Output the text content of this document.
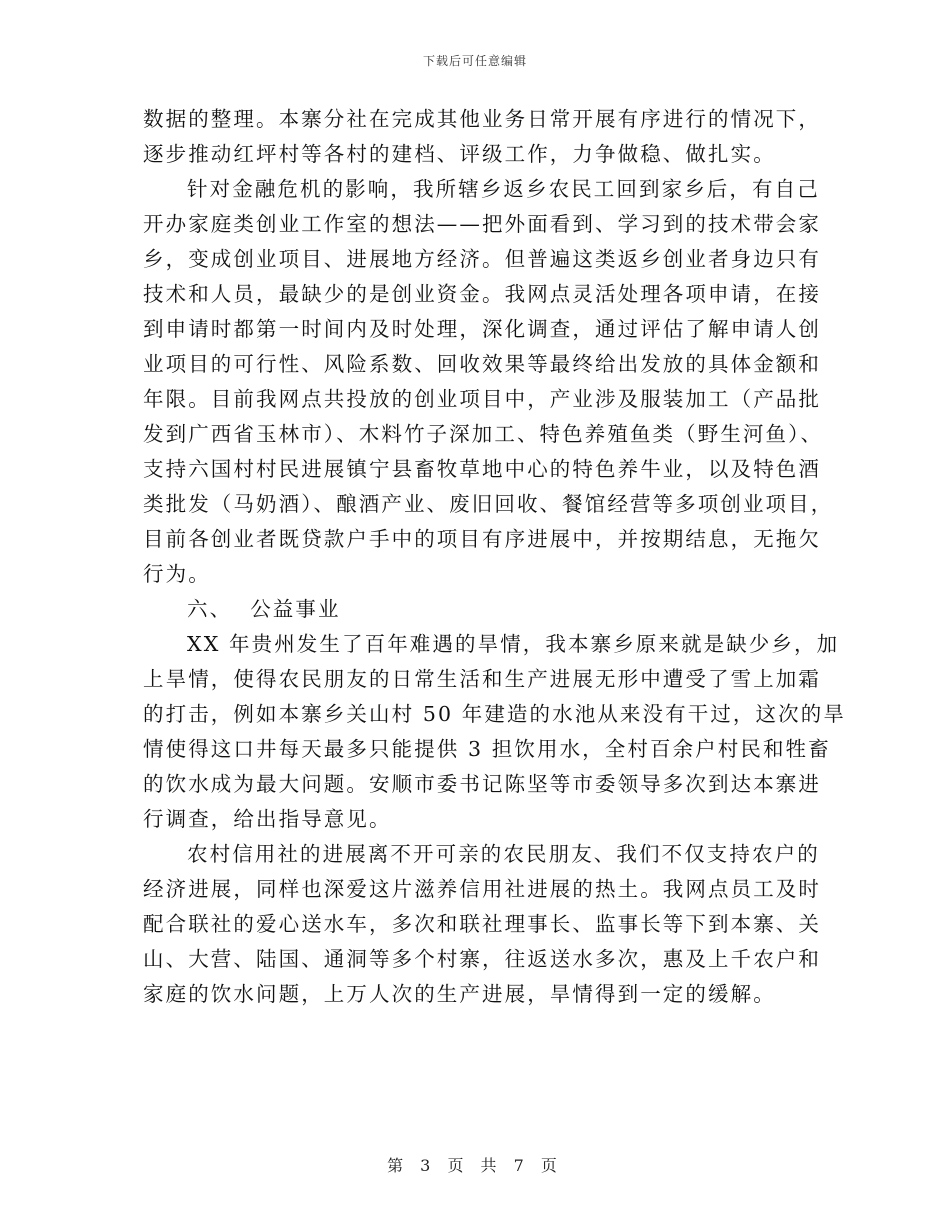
下载后可任意编辑
数据的整理。本寨分社在完成其他业务日常开展有序进行的情况下，
逐步推动红坪村等各村的建档、评级工作，力争做稳、做扎实。
针对金融危机的影响，我所辖乡返乡农民工回到家乡后，有自己
开办家庭类创业工作室的想法——把外面看到、学习到的技术带会家
乡，变成创业项目、进展地方经济。但普遍这类返乡创业者身边只有
技术和人员，最缺少的是创业资金。我网点灵活处理各项申请，在接
到申请时都第一时间内及时处理，深化调查，通过评估了解申请人创
业项目的可行性、风险系数、回收效果等最终给出发放的具体金额和
年限。目前我网点共投放的创业项目中，产业涉及服装加工（产品批
发到广西省玉林市）、木料竹子深加工、特色养殖鱼类（野生河鱼）、
支持六国村村民进展镇宁县畜牧草地中心的特色养牛业，以及特色酒
类批发（马奶酒）、酿酒产业、废旧回收、餐馆经营等多项创业项目，
目前各创业者既贷款户手中的项目有序进展中，并按期结息，无拖欠
行为。
六、 公益事业
XX 年贵州发生了百年难遇的旱情，我本寨乡原来就是缺少乡，加
上旱情，使得农民朋友的日常生活和生产进展无形中遭受了雪上加霜
的打击，例如本寨乡关山村 50 年建造的水池从来没有干过，这次的旱
情使得这口井每天最多只能提供 3 担饮用水，全村百余户村民和牲畜
的饮水成为最大问题。安顺市委书记陈坚等市委领导多次到达本寨进
行调查，给出指导意见。
农村信用社的进展离不开可亲的农民朋友、我们不仅支持农户的
经济进展，同样也深爱这片滋养信用社进展的热土。我网点员工及时
配合联社的爱心送水车，多次和联社理事长、监事长等下到本寨、关
山、大营、陆国、通洞等多个村寨，往返送水多次，惠及上千农户和
家庭的饮水问题，上万人次的生产进展，旱情得到一定的缓解。
第 3 页 共 7 页
